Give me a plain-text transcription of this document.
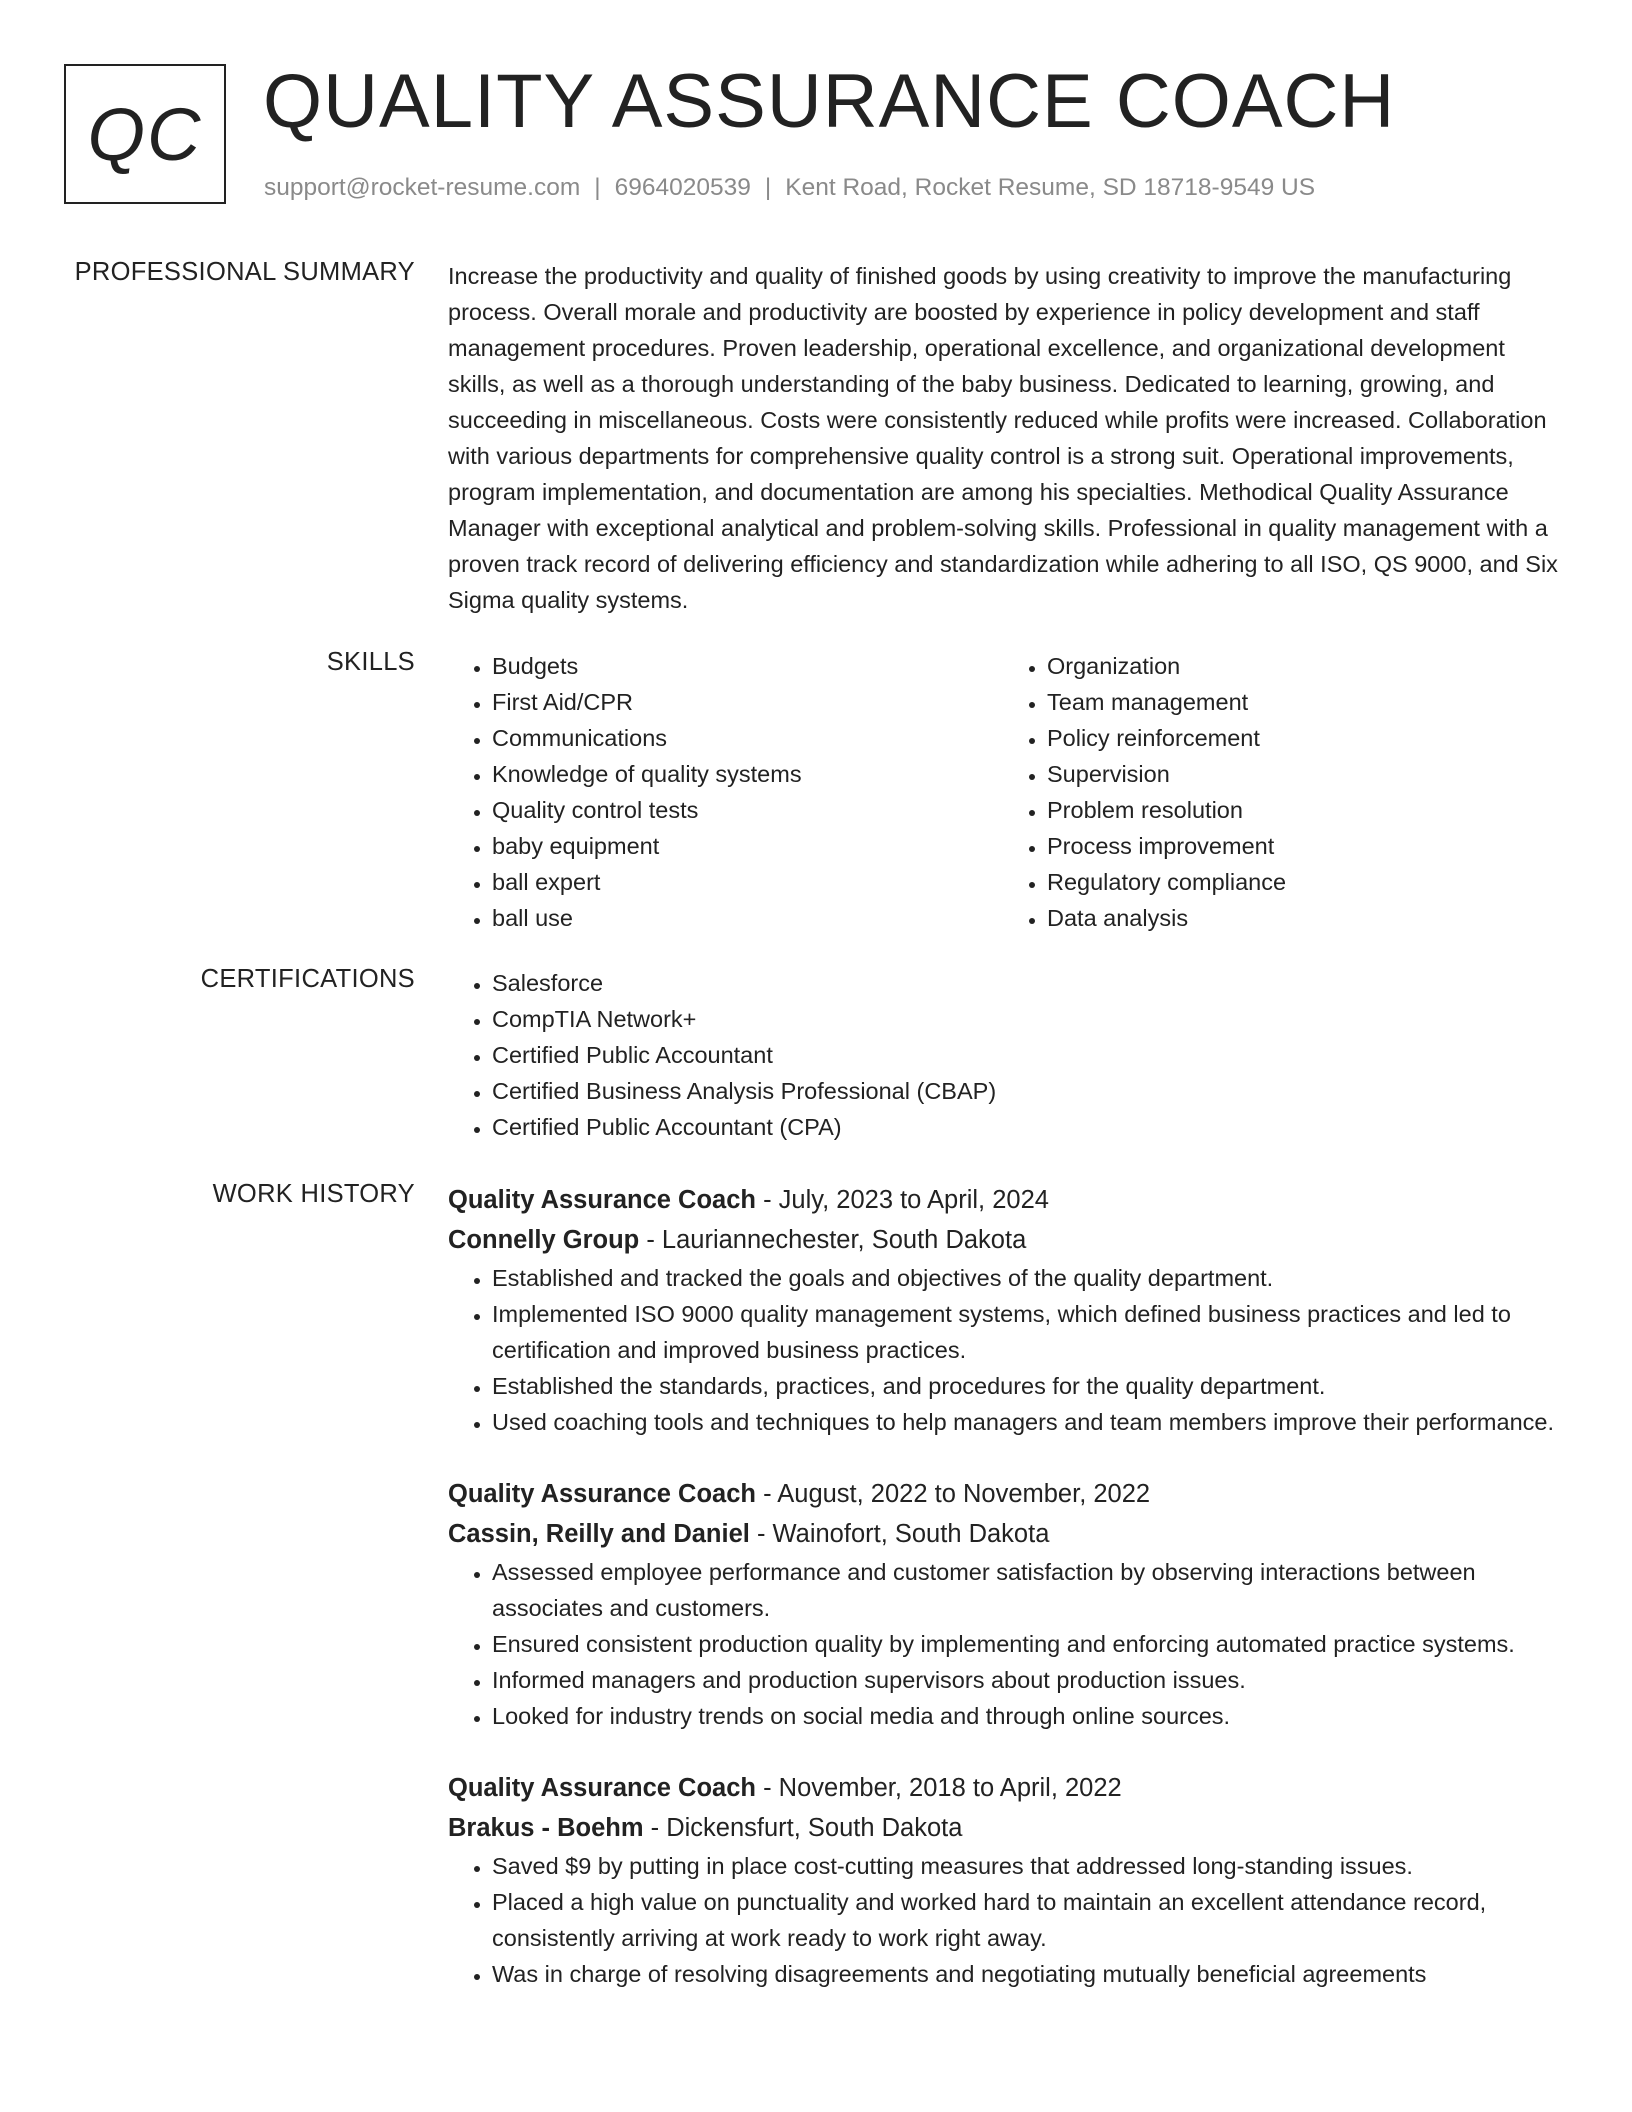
QC QUALITY ASSURANCE COACH
support@rocket-resume.com | 6964020539 | Kent Road, Rocket Resume, SD 18718-9549 US
PROFESSIONAL SUMMARY Increase the productivity and quality of finished goods by using creativity to improve the manufacturing process. Overall morale and productivity are boosted by experience in policy development and staff management procedures. Proven leadership, operational excellence, and organizational development skills, as well as a thorough understanding of the baby business. Dedicated to learning, growing, and succeeding in miscellaneous. Costs were consistently reduced while profits were increased. Collaboration with various departments for comprehensive quality control is a strong suit. Operational improvements, program implementation, and documentation are among his specialties. Methodical Quality Assurance Manager with exceptional analytical and problem-solving skills. Professional in quality management with a proven track record of delivering efficiency and standardization while adhering to all ISO, QS 9000, and Six Sigma quality systems.

SKILLS	• Budgets
• First Aid/CPR
• Communications
• Knowledge of quality systems
• Quality control tests
• baby equipment
• ball expert
• ball use
• Organization
• Team management
• Policy reinforcement
• Supervision
• Problem resolution
• Process improvement
• Regulatory compliance
• Data analysis
CERTIFICATIONS	• Salesforce
• CompTIA Network+
• Certified Public Accountant
• Certified Business Analysis Professional (CBAP)
• Certified Public Accountant (CPA)
WORK HISTORY Quality Assurance Coach - July, 2023 to April, 2024
Connelly Group - Lauriannechester, South Dakota
• Established and tracked the goals and objectives of the quality department.
• Implemented ISO 9000 quality management systems, which defined business practices and led to certification and improved business practices.
• Established the standards, practices, and procedures for the quality department.
• Used coaching tools and techniques to help managers and team members improve their performance.
Quality Assurance Coach - August, 2022 to November, 2022
Cassin, Reilly and Daniel - Wainofort, South Dakota
• Assessed employee performance and customer satisfaction by observing interactions between associates and customers.
• Ensured consistent production quality by implementing and enforcing automated practice systems.
• Informed managers and production supervisors about production issues.
• Looked for industry trends on social media and through online sources.
Quality Assurance Coach - November, 2018 to April, 2022
Brakus - Boehm - Dickensfurt, South Dakota
• Saved $9 by putting in place cost-cutting measures that addressed long-standing issues.
• Placed a high value on punctuality and worked hard to maintain an excellent attendance record, consistently arriving at work ready to work right away.
• Was in charge of resolving disagreements and negotiating mutually beneficial agreements
